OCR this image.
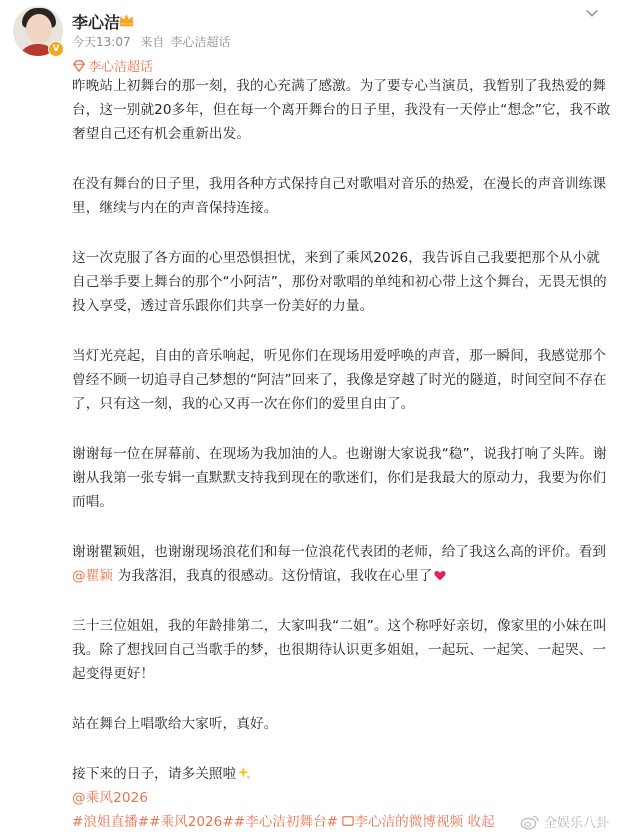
V
李心洁
今天13:07 来自 李心洁超话
李心洁超话

昨晚站上初舞台的那一刻，我的心充满了感激。为了要专心当演员，我暂别了我热爱的舞台，这一别就20多年，但在每一个离开舞台的日子里，我没有一天停止“想念”它，我不敢奢望自己还有机会重新出发。

在没有舞台的日子里，我用各种方式保持自己对歌唱对音乐的热爱，在漫长的声音训练课里，继续与内在的声音保持连接。

这一次克服了各方面的心里恐惧担忧，来到了乘风2026，我告诉自己我要把那个从小就自己举手要上舞台的那个“小阿洁”，那份对歌唱的单纯和初心带上这个舞台，无畏无惧的投入享受，透过音乐跟你们共享一份美好的力量。

当灯光亮起，自由的音乐响起，听见你们在现场用爱呼唤的声音，那一瞬间，我感觉那个曾经不顾一切追寻自己梦想的“阿洁”回来了，我像是穿越了时光的隧道，时间空间不存在了，只有这一刻，我的心又再一次在你们的爱里自由了。

谢谢每一位在屏幕前、在现场为我加油的人。也谢谢大家说我“稳”，说我打响了头阵。谢谢从我第一张专辑一直默默支持我到现在的歌迷们，你们是我最大的原动力，我要为你们而唱。

谢谢瞿颖姐，也谢谢现场浪花们和每一位浪花代表团的老师，给了我这么高的评价。看到@瞿颖 为我落泪，我真的很感动。这份情谊，我收在心里了

三十三位姐姐，我的年龄排第二，大家叫我“二姐”。这个称呼好亲切，像家里的小妹在叫我。除了想找回自己当歌手的梦，也很期待认识更多姐姐，一起玩、一起笑、一起哭、一起变得更好！

站在舞台上唱歌给大家听，真好。

接下来的日子，请多关照啦
@乘风2026

#浪姐直播##乘风2026##李心洁初舞台# 李心洁的微博视频 收起	全娱乐八卦
